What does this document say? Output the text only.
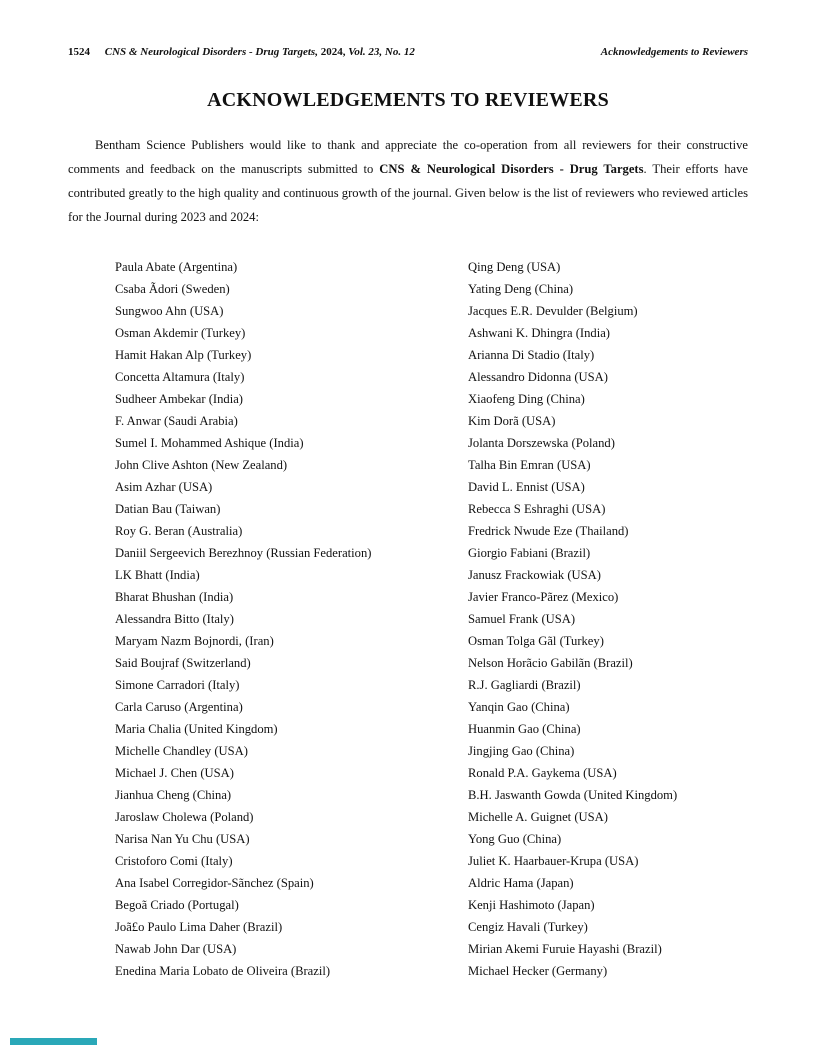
1524 CNS & Neurological Disorders - Drug Targets, 2024, Vol. 23, No. 12	Acknowledgements to Reviewers
ACKNOWLEDGEMENTS TO REVIEWERS

Bentham Science Publishers would like to thank and appreciate the co-operation from all reviewers for their constructive comments and feedback on the manuscripts submitted to CNS & Neurological Disorders - Drug Targets. Their efforts have contributed greatly to the high quality and continuous growth of the journal. Given below is the list of reviewers who reviewed articles for the Journal during 2023 and 2024:

Paula Abate (Argentina)
Csaba Ãdori (Sweden)
Sungwoo Ahn (USA)
Osman Akdemir (Turkey)
Hamit Hakan Alp (Turkey)
Concetta Altamura (Italy)
Sudheer Ambekar (India)
F. Anwar (Saudi Arabia)
Sumel I. Mohammed Ashique (India)
John Clive Ashton (New Zealand)
Asim Azhar (USA)
Datian Bau (Taiwan)
Roy G. Beran (Australia)
Daniil Sergeevich Berezhnoy (Russian Federation)
LK Bhatt (India)
Bharat Bhushan (India)
Alessandra Bitto (Italy)
Maryam Nazm Bojnordi, (Iran)
Said Boujraf (Switzerland)
Simone Carradori (Italy)
Carla Caruso (Argentina)
Maria Chalia (United Kingdom)
Michelle Chandley (USA)
Michael J. Chen (USA)
Jianhua Cheng (China)
Jaroslaw Cholewa (Poland)
Narisa Nan Yu Chu (USA)
Cristoforo Comi (Italy)
Ana Isabel Corregidor-Sãnchez (Spain)
Begoã Criado (Portugal)
Joã£o Paulo Lima Daher (Brazil)
Nawab John Dar (USA)
Enedina Maria Lobato de Oliveira (Brazil)
Qing Deng (USA)
Yating Deng (China)
Jacques E.R. Devulder (Belgium)
Ashwani K. Dhingra (India)
Arianna Di Stadio (Italy)
Alessandro Didonna (USA)
Xiaofeng Ding (China)
Kim Dorã (USA)
Jolanta Dorszewska (Poland)
Talha Bin Emran (USA)
David L. Ennist (USA)
Rebecca S Eshraghi (USA)
Fredrick Nwude Eze (Thailand)
Giorgio Fabiani (Brazil)
Janusz Frackowiak (USA)
Javier Franco-Pãrez (Mexico)
Samuel Frank (USA)
Osman Tolga Gãl (Turkey)
Nelson Horãcio Gabilãn (Brazil)
R.J. Gagliardi (Brazil)
Yanqin Gao (China)
Huanmin Gao (China)
Jingjing Gao (China)
Ronald P.A. Gaykema (USA)
B.H. Jaswanth Gowda (United Kingdom)
Michelle A. Guignet (USA)
Yong Guo (China)
Juliet K. Haarbauer-Krupa (USA)
Aldric Hama (Japan)
Kenji Hashimoto (Japan)
Cengiz Havali (Turkey)
Mirian Akemi Furuie Hayashi (Brazil)
Michael Hecker (Germany)
